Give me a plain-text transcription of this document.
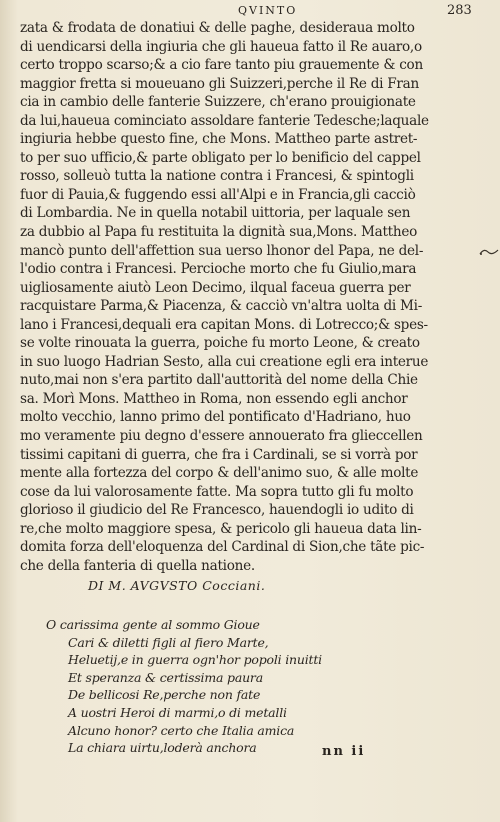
QVINTO	283
zata & frodata de donatiui & delle paghe, desideraua molto
di uendicarsi della ingiuria che gli haueua fatto il Re auaro,o
certo troppo scarso;& a cio fare tanto piu grauemente & con
maggior fretta si moueuano gli Suizzeri,perche il Re di Fran
cia in cambio delle fanterie Suizzere, ch'erano prouigionate
da lui,haueua cominciato assoldare fanterie Tedesche;laquale
ingiuria hebbe questo fine, che Mons. Mattheo parte astret-
to per suo ufficio,& parte obligato per lo benificio del cappel
rosso, solleuò tutta la natione contra i Francesi, & spintogli
fuor di Pauia,& fuggendo essi all'Alpi e in Francia,gli cacciò
di Lombardia. Ne in quella notabil uittoria, per laquale sen
za dubbio al Papa fu restituita la dignità sua,Mons. Mattheo
mancò punto dell'affettion sua uerso lhonor del Papa, ne del-
l'odio contra i Francesi. Percioche morto che fu Giulio,mara
uigliosamente aiutò Leon Decimo, ilqual faceua guerra per
racquistare Parma,& Piacenza, & cacciò vn'altra uolta di Mi-
lano i Francesi,dequali era capitan Mons. di Lotrecco;& spes-
se volte rinouata la guerra, poiche fu morto Leone, & creato
in suo luogo Hadrian Sesto, alla cui creatione egli era interue
nuto,mai non s'era partito dall'auttorità del nome della Chie
sa. Morì Mons. Mattheo in Roma, non essendo egli anchor
molto vecchio, lanno primo del pontificato d'Hadriano, huo
mo veramente piu degno d'essere annouerato fra glieccellen
tissimi capitani di guerra, che fra i Cardinali, se si vorrà por
mente alla fortezza del corpo & dell'animo suo, & alle molte
cose da lui valorosamente fatte. Ma sopra tutto gli fu molto
glorioso il giudicio del Re Francesco, hauendogli io udito di
re,che molto maggiore spesa, & pericolo gli haueua data lin-
domita forza dell'eloquenza del Cardinal di Sion,che tãte pic-
che della fanteria di quella natione.
DI M. AVGVSTO Cocciani.
O carissima gente al sommo Gioue
Cari & diletti figli al fiero Marte,
Heluetij,e in guerra ogn'hor popoli inuitti
Et speranza & certissima paura
De bellicosi Re,perche non fate
A uostri Heroi di marmi,o di metalli
Alcuno honor? certo che Italia amica
La chiara uirtu,loderà anchora	nn ii
